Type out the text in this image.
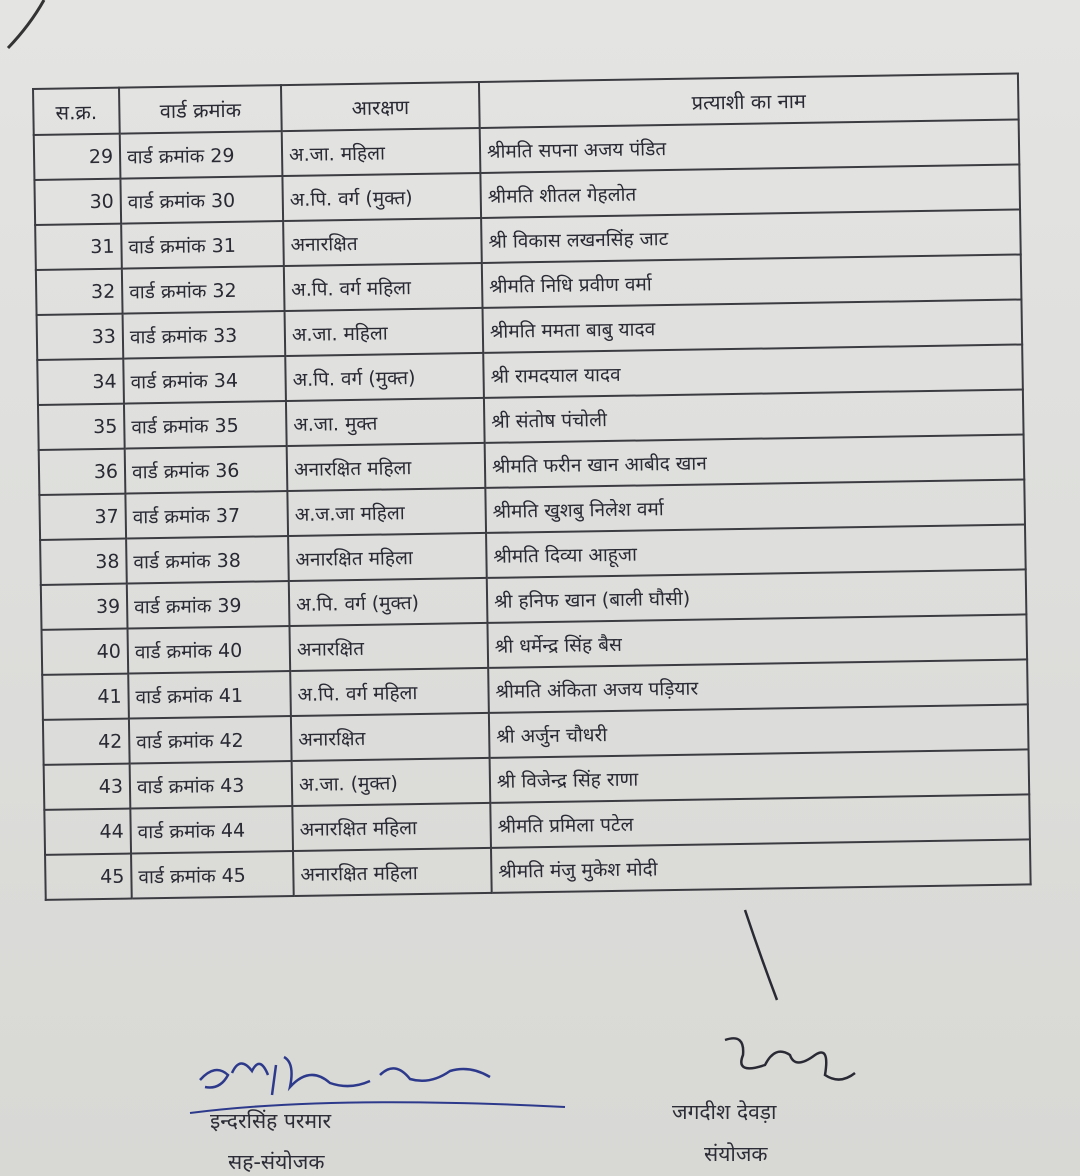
स.क्र.	वार्ड क्रमांक	आरक्षण	प्रत्याशी का नाम
29	वार्ड क्रमांक 29	अ.जा. महिला	श्रीमति सपना अजय पंडित
30	वार्ड क्रमांक 30	अ.पि. वर्ग (मुक्त)	श्रीमति शीतल गेहलोत
31	वार्ड क्रमांक 31	अनारक्षित	श्री विकास लखनसिंह जाट
32	वार्ड क्रमांक 32	अ.पि. वर्ग महिला	श्रीमति निधि प्रवीण वर्मा
33	वार्ड क्रमांक 33	अ.जा. महिला	श्रीमति ममता बाबु यादव
34	वार्ड क्रमांक 34	अ.पि. वर्ग (मुक्त)	श्री रामदयाल यादव
35	वार्ड क्रमांक 35	अ.जा. मुक्त	श्री संतोष पंचोली
36	वार्ड क्रमांक 36	अनारक्षित महिला	श्रीमति फरीन खान आबीद खान
37	वार्ड क्रमांक 37	अ.ज.जा महिला	श्रीमति खुशबु निलेश वर्मा
38	वार्ड क्रमांक 38	अनारक्षित महिला	श्रीमति दिव्या आहूजा
39	वार्ड क्रमांक 39	अ.पि. वर्ग (मुक्त)	श्री हनिफ खान (बाली घौसी)
40	वार्ड क्रमांक 40	अनारक्षित	श्री धर्मेन्द्र सिंह बैस
41	वार्ड क्रमांक 41	अ.पि. वर्ग महिला	श्रीमति अंकिता अजय पड़ियार
42	वार्ड क्रमांक 42	अनारक्षित	श्री अर्जुन चौधरी
43	वार्ड क्रमांक 43	अ.जा. (मुक्त)	श्री विजेन्द्र सिंह राणा
44	वार्ड क्रमांक 44	अनारक्षित महिला	श्रीमति प्रमिला पटेल
45	वार्ड क्रमांक 45	अनारक्षित महिला	श्रीमति मंजु मुकेश मोदी
इन्दरसिंह परमार
सह-संयोजक
जगदीश देवड़ा
संयोजक
